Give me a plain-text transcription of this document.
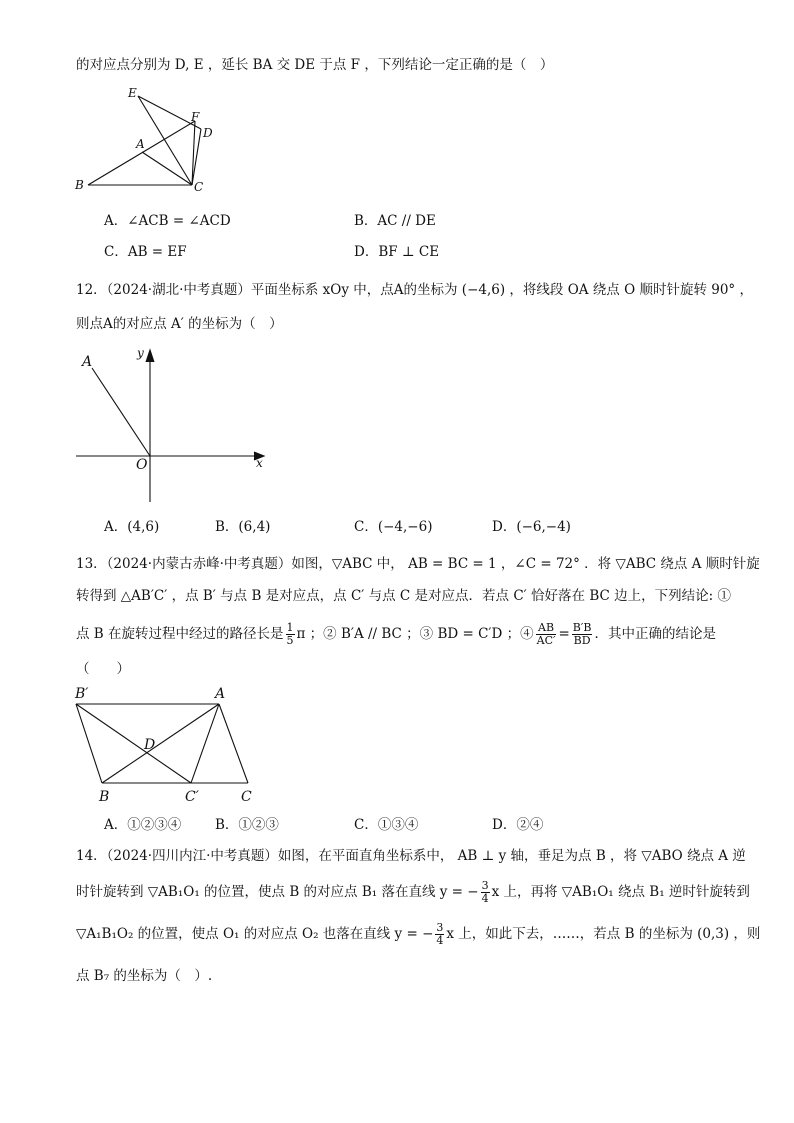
的对应点分别为 D, E ，延长 BA 交 DE 于点 F ，下列结论一定正确的是（　）
E
F
D
A
B	C
A．∠ACB = ∠ACD	B．AC // DE
C．AB = EF	D．BF ⊥ CE
12．（2024·湖北·中考真题）平面坐标系 xOy 中，点A的坐标为 (−4,6) ，将线段 OA 绕点 O 顺时针旋转 90° ，
则点A的对应点 A′ 的坐标为（　）
A
y
O	x
A．(4,6)	B．(6,4)	C．(−4,−6)	D．(−6,−4)
13．（2024·内蒙古赤峰·中考真题）如图，▽ABC 中， AB = BC = 1 ，∠C = 72° ．将 ▽ABC 绕点 A 顺时针旋
转得到 △AB′C′ ，点 B′ 与点 B 是对应点，点 C′ 与点 C 是对应点．若点 C′ 恰好落在 BC 边上，下列结论: ①
点 B 在旋转过程中经过的路径长是 $\frac{1}{5}$ π ；② B′A // BC ；③ BD = C′D ；④ $\frac{AB}{AC'} = \frac{B'B}{BD}$ ．其中正确的结论是
（　　）
B′	A
D
B	C′	C
A．①②③④	B．①②③	C．①③④	D．②④
14．（2024·四川内江·中考真题）如图，在平面直角坐标系中， AB ⊥ y 轴，垂足为点 B ，将 ▽ABO 绕点 A 逆
时针旋转到 ▽AB₁O₁ 的位置，使点 B 的对应点 B₁ 落在直线 y = − $\frac{3}{4}$ x 上，再将 ▽AB₁O₁ 绕点 B₁ 逆时针旋转到
▽A₁B₁O₂ 的位置，使点 O₁ 的对应点 O₂ 也落在直线 y = − $\frac{3}{4}$ x 上，如此下去，……，若点 B 的坐标为 (0,3) ，则
点 B₇ 的坐标为（　）.
